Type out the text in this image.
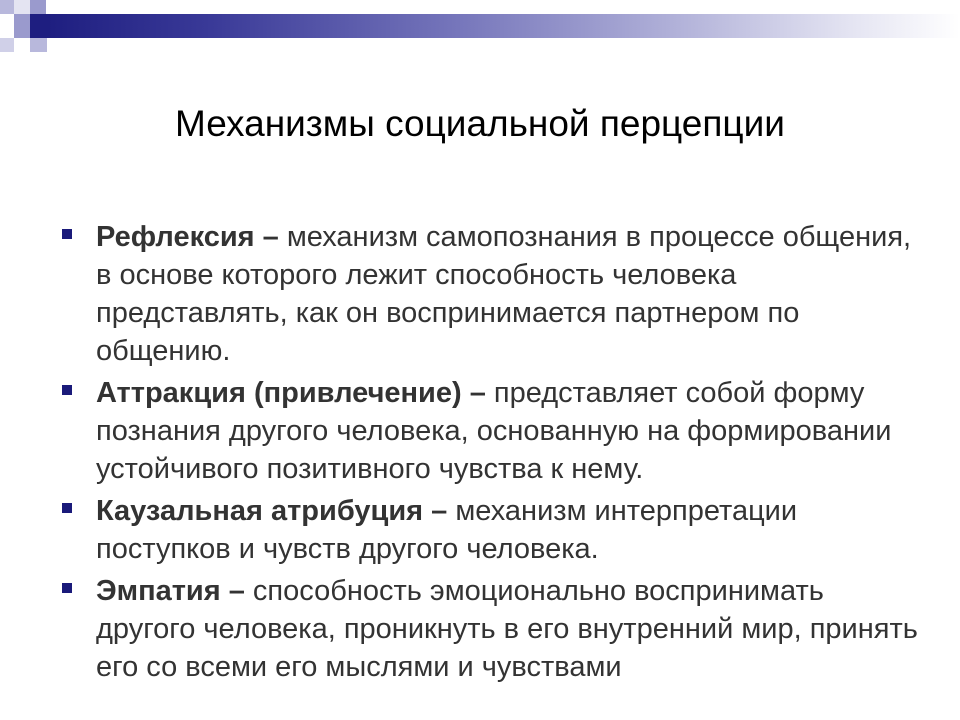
Механизмы социальной перцепции
Рефлексия – механизм самопознания в процессе общения, в основе которого лежит способность человека представлять, как он воспринимается партнером по общению.
Аттракция (привлечение) – представляет собой форму познания другого человека, основанную на формировании устойчивого позитивного чувства к нему.
Каузальная атрибуция – механизм интерпретации поступков и чувств другого человека.
Эмпатия – способность эмоционально воспринимать другого человека, проникнуть в его внутренний мир, принять его со всеми его мыслями и чувствами
